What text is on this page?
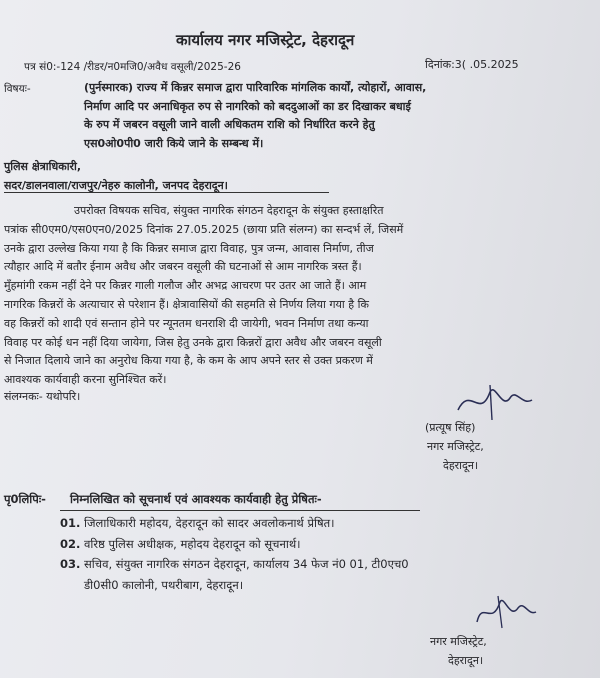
कार्यालय नगर मजिस्ट्रेट, देहरादून
पत्र सं0:-124 /रीडर/न0मजि0/अवैध वसूली/2025-26	दिनांक:3( .05.2025
विषयः-	(पुर्नस्मारक) राज्य में किन्नर समाज द्वारा पारिवारिक मांगलिक कार्यों, त्योहारों, आवास,

निर्माण आदि पर अनाधिकृत रुप से नागरिको को बददुआओं का डर दिखाकर बधाई

के रुप में जबरन वसूली जाने वाली अधिकतम राशि को निर्धारित करने हेतु

एस0ओ0पी0 जारी किये जाने के सम्बन्ध में।

पुलिस क्षेत्राधिकारी,
सदर/डालनवाला/राजपुर/नेहरु कालोनी, जनपद देहरादून।

उपरोक्त विषयक सचिव, संयुक्त नागरिक संगठन देहरादून के संयुक्त हस्ताक्षरित

पत्रांक सी0एम0/एस0एन0/2025 दिनांक 27.05.2025 (छाया प्रति संलग्न) का सन्दर्भ लें, जिसमें

उनके द्वारा उल्लेख किया गया है कि किन्नर समाज द्वारा विवाह, पुत्र जन्म, आवास निर्माण, तीज

त्यौहार आदि में बतौर ईनाम अवैध और जबरन वसूली की घटनाओं से आम नागरिक त्रस्त हैं।

मुँहमांगी रकम नहीं देने पर किन्नर गाली गलौज और अभद्र आचरण पर उतर आ जाते हैं। आम

नागरिक किन्नरों के अत्याचार से परेशान हैं। क्षेत्रावासियों की सहमति से निर्णय लिया गया है कि

वह किन्नरों को शादी एवं सन्तान होने पर न्यूनतम धनराशि दी जायेगी, भवन निर्माण तथा कन्या

विवाह पर कोई धन नहीं दिया जायेगा, जिस हेतु उनके द्वारा किन्नरों द्वारा अवैध और जबरन वसूली

से निजात दिलाये जाने का अनुरोध किया गया है, के कम के आप अपने स्तर से उक्त प्रकरण में

आवश्यक कार्यवाही करना सुनिश्चित करें।

संलग्नकः- यथोपरि।
(प्रत्यूष सिंह)
नगर मजिस्ट्रेट,
देहरादून।
पृ0लिपिः- निम्नलिखित को सूचनार्थ एवं आवश्यक कार्यवाही हेतु प्रेषितः-
01. जिलाधिकारी महोदय, देहरादून को सादर अवलोकनार्थ प्रेषित।
02. वरिष्ठ पुलिस अधीक्षक, महोदय देहरादून को सूचनार्थ।
03. सचिव, संयुक्त नागरिक संगठन देहरादून, कार्यालय 34 फेज नं0 01, टी0एच0
डी0सी0 कालोनी, पथरीबाग, देहरादून।
नगर मजिस्ट्रेट,
देहरादून।
